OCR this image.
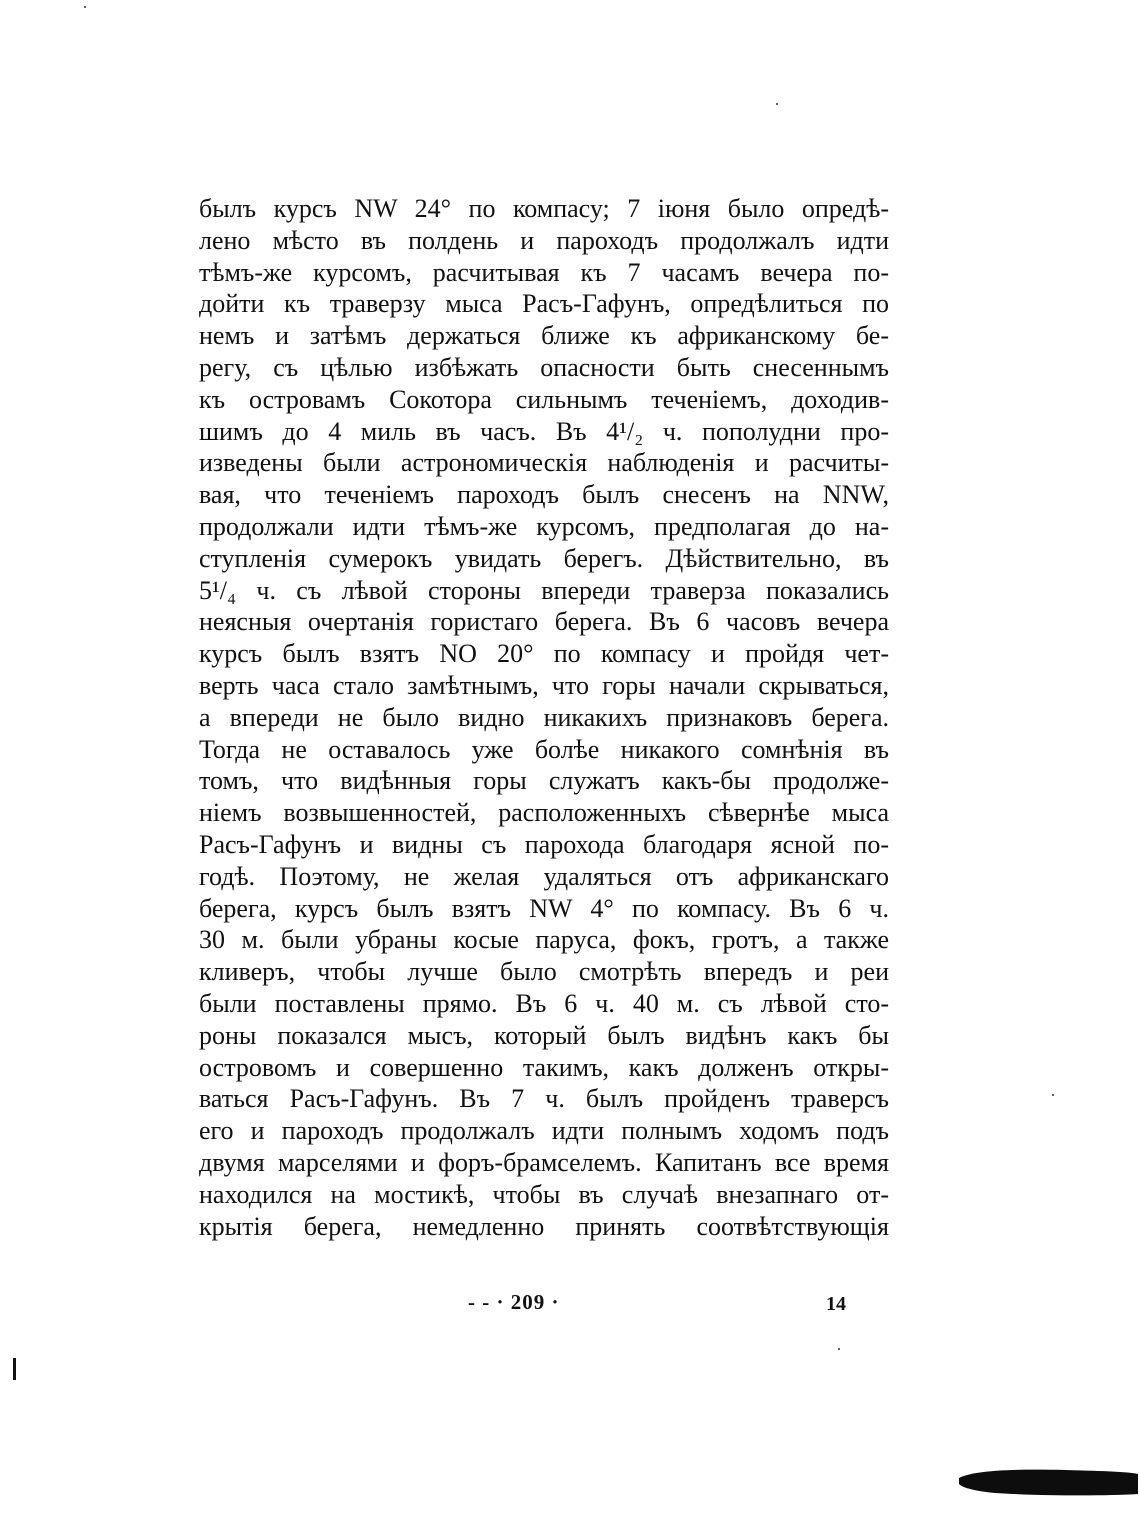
былъ курсъ NW 24° по компасу; 7 іюня было опредѣ-
лено мѣсто въ полдень и пароходъ продолжалъ идти
тѣмъ-же курсомъ, расчитывая къ 7 часамъ вечера по-
дойти къ траверзу мыса Расъ-Гафунъ, опредѣлиться по
немъ и затѣмъ держаться ближе къ африканскому бе-
регу, съ цѣлью избѣжать опасности быть снесеннымъ
къ островамъ Сокотора сильнымъ теченіемъ, доходив-
шимъ до 4 миль въ часъ. Въ 4¹/₂ ч. пополудни про-
изведены были астрономическія наблюденія и расчиты-
вая, что теченіемъ пароходъ былъ снесенъ на NNW,
продолжали идти тѣмъ-же курсомъ, предполагая до на-
ступленія сумерокъ увидать берегъ. Дѣйствительно, въ
5¹/₄ ч. съ лѣвой стороны впереди траверза показались
неясныя очертанія гористаго берега. Въ 6 часовъ вечера
курсъ былъ взятъ NO 20° по компасу и пройдя чет-
верть часа стало замѣтнымъ, что горы начали скрываться,
а впереди не было видно никакихъ признаковъ берега.
Тогда не оставалось уже болѣе никакого сомнѣнія въ
томъ, что видѣнныя горы служатъ какъ-бы продолже-
ніемъ возвышенностей, расположенныхъ сѣвернѣе мыса
Расъ-Гафунъ и видны съ парохода благодаря ясной по-
годѣ. Поэтому, не желая удаляться отъ африканскаго
берега, курсъ былъ взятъ NW 4° по компасу. Въ 6 ч.
30 м. были убраны косые паруса, фокъ, гротъ, а также
кливеръ, чтобы лучше было смотрѣть впередъ и реи
были поставлены прямо. Въ 6 ч. 40 м. съ лѣвой сто-
роны показался мысъ, который былъ видѣнъ какъ бы
островомъ и совершенно такимъ, какъ долженъ откры-
ваться Расъ-Гафунъ. Въ 7 ч. былъ пройденъ траверсъ
его и пароходъ продолжалъ идти полнымъ ходомъ подъ
двумя марселями и форъ-брамселемъ. Капитанъ все время
находился на мостикѣ, чтобы въ случаѣ внезапнаго от-
крытія берега, немедленно принять соотвѣтствующія
- - · 209 ·	14
